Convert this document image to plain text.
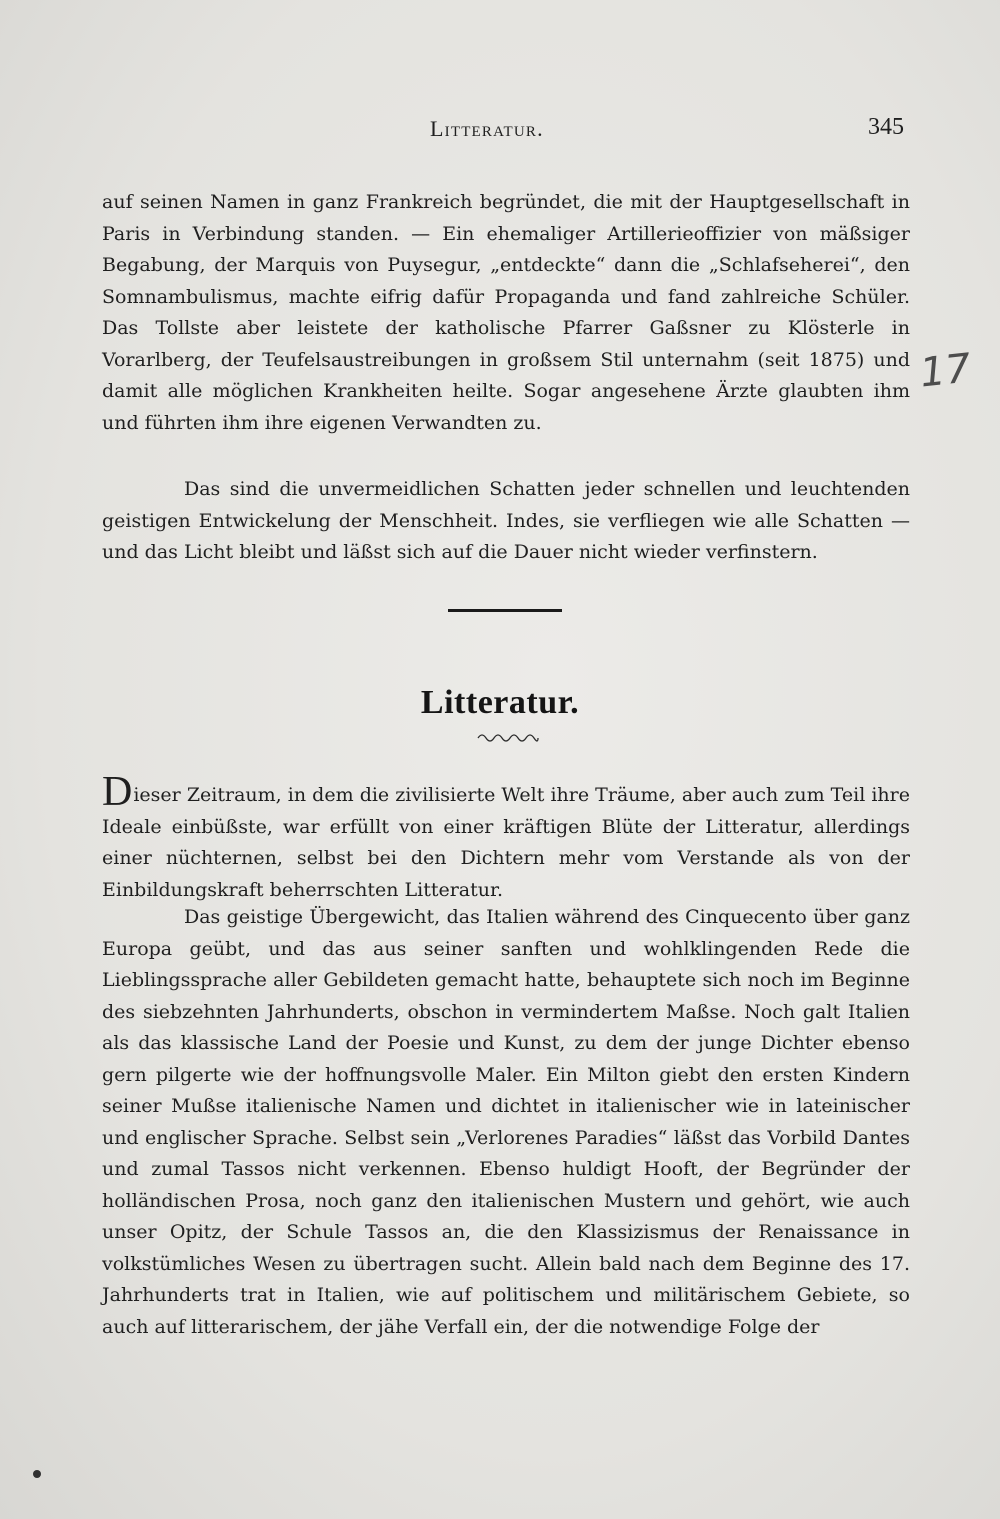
Litteratur.	345
17

auf seinen Namen in ganz Frankreich begründet, die mit der Hauptgesellschaft in Paris in Verbindung standen. — Ein ehemaliger Artillerieoffizier von mäßsiger Begabung, der Marquis von Puysegur, „entdeckte“ dann die „Schlafseherei“, den Somnambulismus, machte eifrig dafür Propaganda und fand zahlreiche Schüler. Das Tollste aber leistete der katholische Pfarrer Gaßsner zu Klösterle in Vorarlberg, der Teufelsaustreibungen in großsem Stil unternahm (seit 1875) und damit alle möglichen Krankheiten heilte. Sogar angesehene Ärzte glaubten ihm und führten ihm ihre eigenen Verwandten zu.

Das sind die unvermeidlichen Schatten jeder schnellen und leuchtenden geistigen Entwickelung der Menschheit. Indes, sie verfliegen wie alle Schatten — und das Licht bleibt und läßst sich auf die Dauer nicht wieder verfinstern.

Litteratur.

Dieser Zeitraum, in dem die zivilisierte Welt ihre Träume, aber auch zum Teil ihre Ideale einbüßste, war erfüllt von einer kräftigen Blüte der Litteratur, allerdings einer nüchternen, selbst bei den Dichtern mehr vom Verstande als von der Einbildungskraft beherrschten Litteratur.

Das geistige Übergewicht, das Italien während des Cinquecento über ganz Europa geübt, und das aus seiner sanften und wohlklingenden Rede die Lieblingssprache aller Gebildeten gemacht hatte, behauptete sich noch im Beginne des siebzehnten Jahrhunderts, obschon in vermindertem Maßse. Noch galt Italien als das klassische Land der Poesie und Kunst, zu dem der junge Dichter ebenso gern pilgerte wie der hoffnungsvolle Maler. Ein Milton giebt den ersten Kindern seiner Mußse italienische Namen und dichtet in italienischer wie in lateinischer und englischer Sprache. Selbst sein „Verlorenes Paradies“ läßst das Vorbild Dantes und zumal Tassos nicht verkennen. Ebenso huldigt Hooft, der Begründer der holländischen Prosa, noch ganz den italienischen Mustern und gehört, wie auch unser Opitz, der Schule Tassos an, die den Klassizismus der Renaissance in volkstümliches Wesen zu übertragen sucht. Allein bald nach dem Beginne des 17. Jahrhunderts trat in Italien, wie auf politischem und militärischem Gebiete, so auch auf litterarischem, der jähe Verfall ein, der die notwendige Folge der
